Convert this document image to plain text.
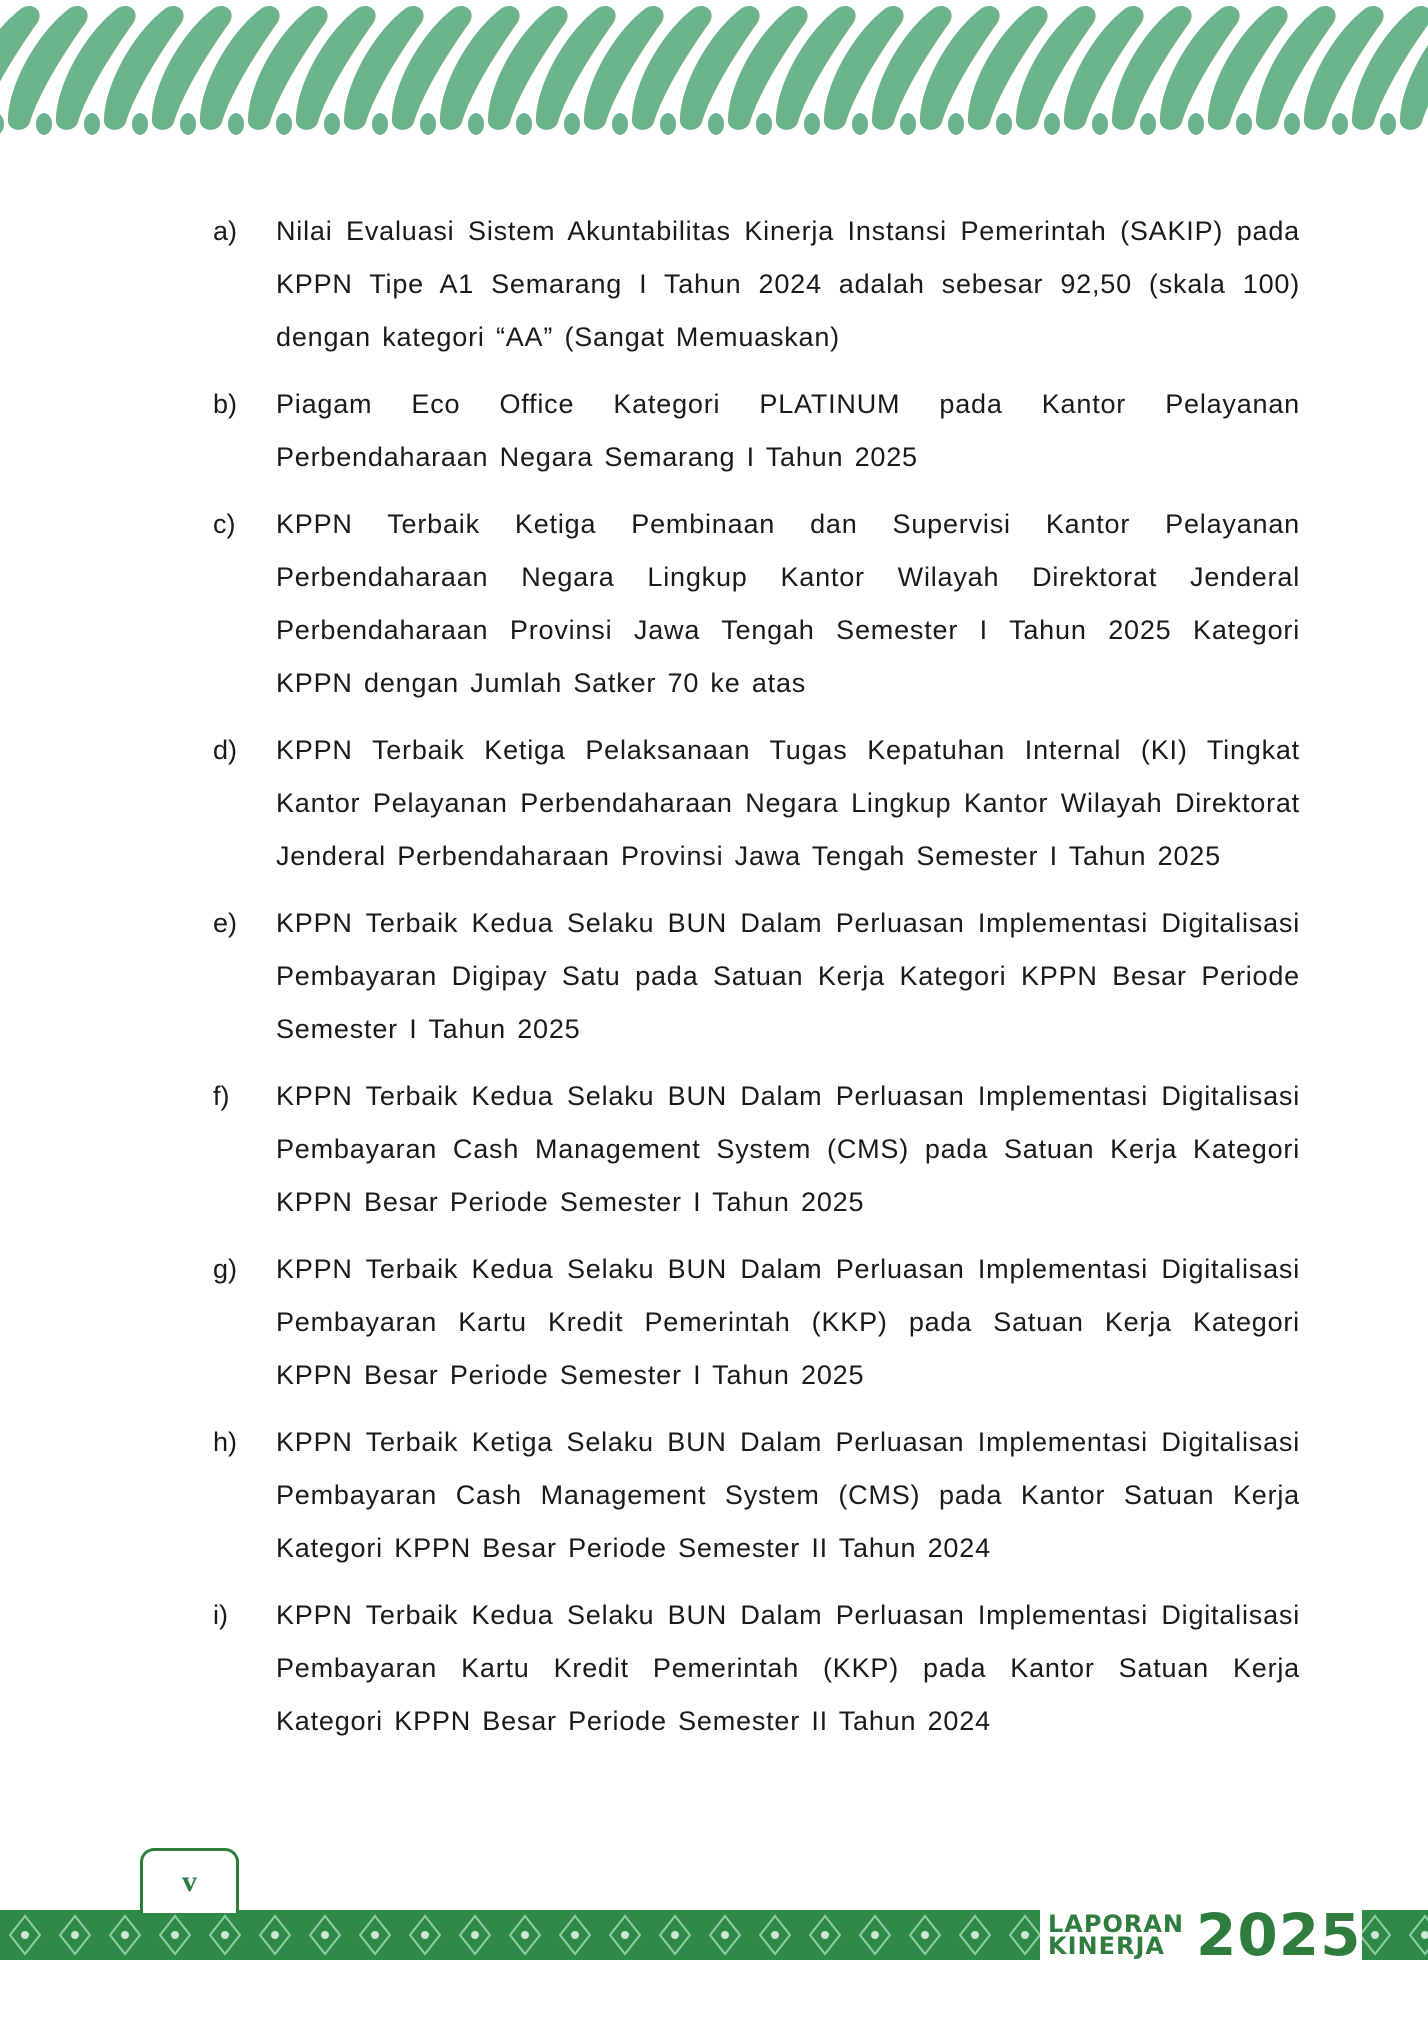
a) Nilai Evaluasi Sistem Akuntabilitas Kinerja Instansi Pemerintah (SAKIP) pada KPPN Tipe A1 Semarang I Tahun 2024 adalah sebesar 92,50 (skala 100) dengan kategori “AA” (Sangat Memuaskan)
b) Piagam Eco Office Kategori PLATINUM pada Kantor Pelayanan Perbendaharaan Negara Semarang I Tahun 2025
c) KPPN Terbaik Ketiga Pembinaan dan Supervisi Kantor Pelayanan Perbendaharaan Negara Lingkup Kantor Wilayah Direktorat Jenderal Perbendaharaan Provinsi Jawa Tengah Semester I Tahun 2025 Kategori KPPN dengan Jumlah Satker 70 ke atas
d) KPPN Terbaik Ketiga Pelaksanaan Tugas Kepatuhan Internal (KI) Tingkat Kantor Pelayanan Perbendaharaan Negara Lingkup Kantor Wilayah Direktorat Jenderal Perbendaharaan Provinsi Jawa Tengah Semester I Tahun 2025
e) KPPN Terbaik Kedua Selaku BUN Dalam Perluasan Implementasi Digitalisasi Pembayaran Digipay Satu pada Satuan Kerja Kategori KPPN Besar Periode Semester I Tahun 2025
f) KPPN Terbaik Kedua Selaku BUN Dalam Perluasan Implementasi Digitalisasi Pembayaran Cash Management System (CMS) pada Satuan Kerja Kategori KPPN Besar Periode Semester I Tahun 2025
g) KPPN Terbaik Kedua Selaku BUN Dalam Perluasan Implementasi Digitalisasi Pembayaran Kartu Kredit Pemerintah (KKP) pada Satuan Kerja Kategori KPPN Besar Periode Semester I Tahun 2025
h) KPPN Terbaik Ketiga Selaku BUN Dalam Perluasan Implementasi Digitalisasi Pembayaran Cash Management System (CMS) pada Kantor Satuan Kerja Kategori KPPN Besar Periode Semester II Tahun 2024
i) KPPN Terbaik Kedua Selaku BUN Dalam Perluasan Implementasi Digitalisasi Pembayaran Kartu Kredit Pemerintah (KKP) pada Kantor Satuan Kerja Kategori KPPN Besar Periode Semester II Tahun 2024
v
LAPORAN
KINERJA 2025
